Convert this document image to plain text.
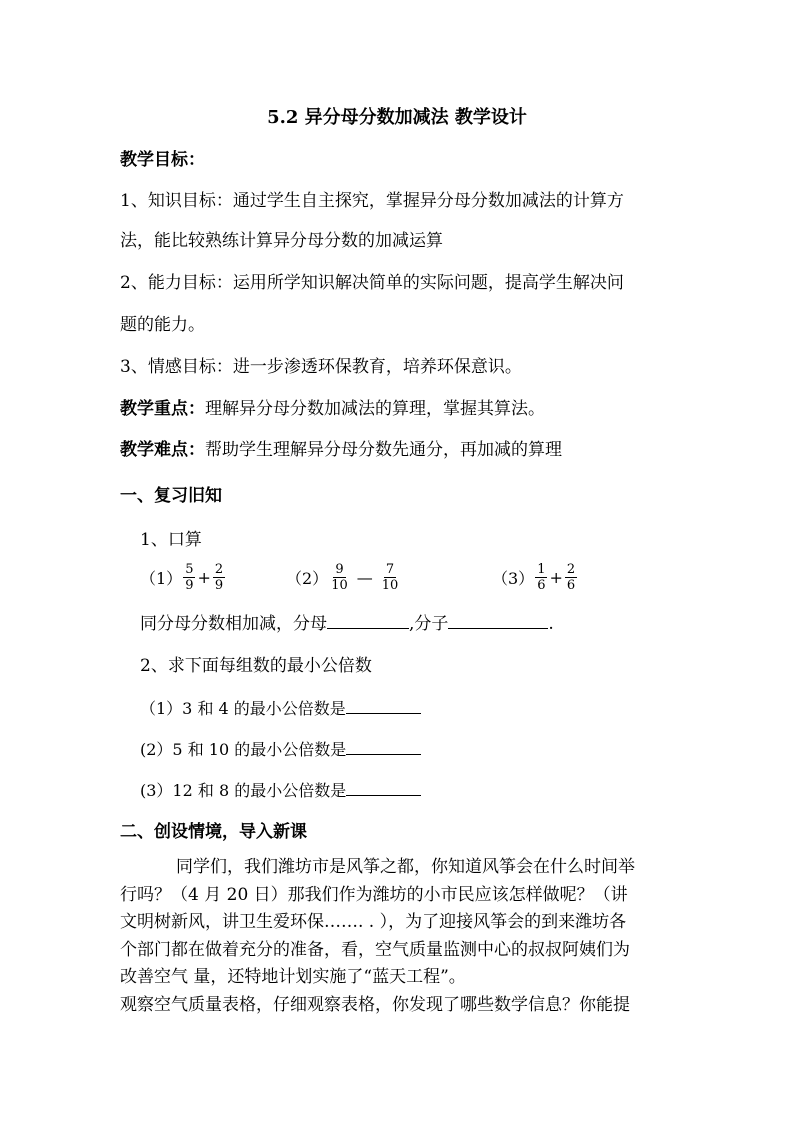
5.2 异分母分数加减法 教学设计
教学目标：
1、知识目标：通过学生自主探究，掌握异分母分数加减法的计算方
法，能比较熟练计算异分母分数的加减运算
2、能力目标：运用所学知识解决简单的实际问题，提高学生解决问
题的能力。
3、情感目标：进一步渗透环保教育，培养环保意识。
教学重点：理解异分母分数加减法的算理，掌握其算法。
教学难点：帮助学生理解异分母分数先通分，再加减的算理
一、复习旧知
1、口算
$(1) \frac{5}{9} + \frac{2}{9}$	$(2) \frac{9}{10}$ — $\frac{7}{10}$	$(3) \frac{1}{6} + \frac{2}{6}$
同分母分数相加减，分母	,分子	.
2、求下面每组数的最小公倍数
（1）3 和 4 的最小公倍数是
(2）5 和 10 的最小公倍数是
(3）12 和 8 的最小公倍数是
二、创设情境，导入新课
同学们，我们潍坊市是风筝之都，你知道风筝会在什么时间举
行吗？（4 月 20 日）那我们作为潍坊的小市民应该怎样做呢？（讲
文明树新风，讲卫生爱环保……. . ），为了迎接风筝会的到来潍坊各
个部门都在做着充分的准备，看，空气质量监测中心的叔叔阿姨们为
改善空气 量，还特地计划实施了“蓝天工程”。
观察空气质量表格，仔细观察表格，你发现了哪些数学信息？你能提
